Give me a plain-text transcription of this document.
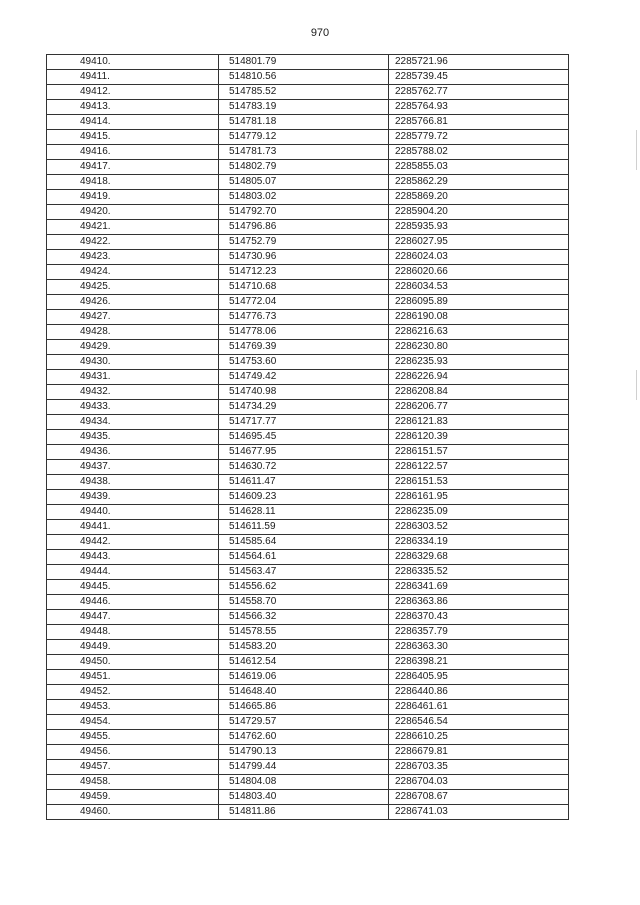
970
49410.	514801.79	2285721.96
49411.	514810.56	2285739.45
49412.	514785.52	2285762.77
49413.	514783.19	2285764.93
49414.	514781.18	2285766.81
49415.	514779.12	2285779.72
49416.	514781.73	2285788.02
49417.	514802.79	2285855.03
49418.	514805.07	2285862.29
49419.	514803.02	2285869.20
49420.	514792.70	2285904.20
49421.	514796.86	2285935.93
49422.	514752.79	2286027.95
49423.	514730.96	2286024.03
49424.	514712.23	2286020.66
49425.	514710.68	2286034.53
49426.	514772.04	2286095.89
49427.	514776.73	2286190.08
49428.	514778.06	2286216.63
49429.	514769.39	2286230.80
49430.	514753.60	2286235.93
49431.	514749.42	2286226.94
49432.	514740.98	2286208.84
49433.	514734.29	2286206.77
49434.	514717.77	2286121.83
49435.	514695.45	2286120.39
49436.	514677.95	2286151.57
49437.	514630.72	2286122.57
49438.	514611.47	2286151.53
49439.	514609.23	2286161.95
49440.	514628.11	2286235.09
49441.	514611.59	2286303.52
49442.	514585.64	2286334.19
49443.	514564.61	2286329.68
49444.	514563.47	2286335.52
49445.	514556.62	2286341.69
49446.	514558.70	2286363.86
49447.	514566.32	2286370.43
49448.	514578.55	2286357.79
49449.	514583.20	2286363.30
49450.	514612.54	2286398.21
49451.	514619.06	2286405.95
49452.	514648.40	2286440.86
49453.	514665.86	2286461.61
49454.	514729.57	2286546.54
49455.	514762.60	2286610.25
49456.	514790.13	2286679.81
49457.	514799.44	2286703.35
49458.	514804.08	2286704.03
49459.	514803.40	2286708.67
49460.	514811.86	2286741.03
